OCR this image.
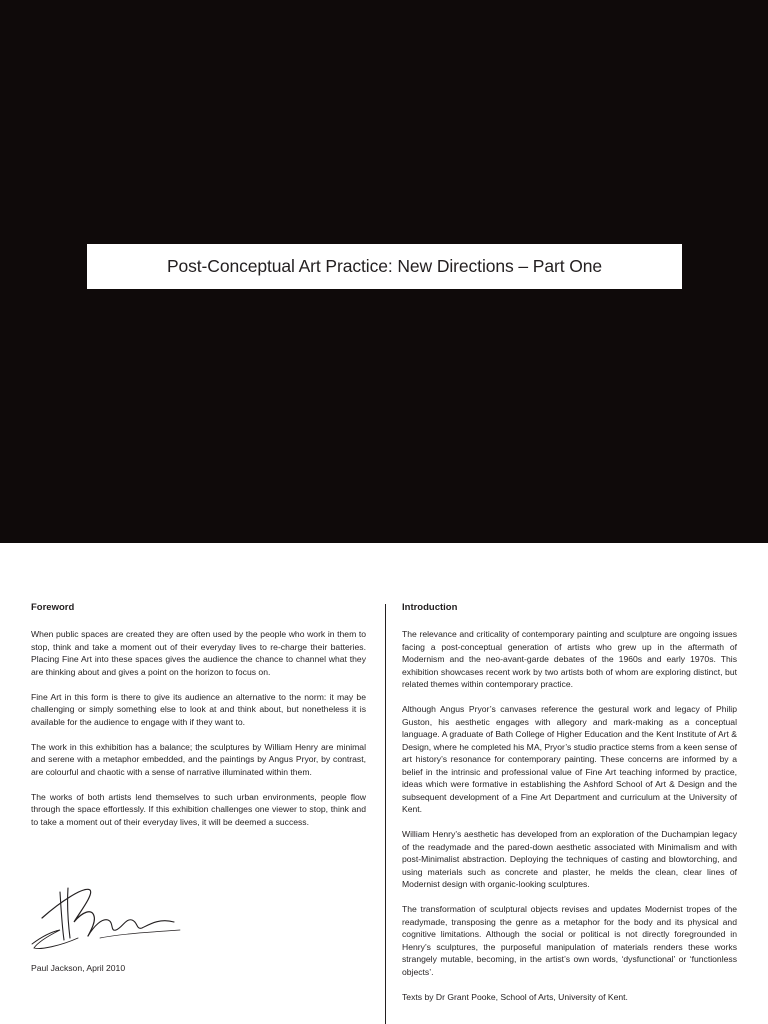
Post-Conceptual Art Practice: New Directions – Part One
Foreword

When public spaces are created they are often used by the people who work in them to stop, think and take a moment out of their everyday lives to re-charge their batteries. Placing Fine Art into these spaces gives the audience the chance to channel what they are thinking about and gives a point on the horizon to focus on.

Fine Art in this form is there to give its audience an alternative to the norm: it may be challenging or simply something else to look at and think about, but nonetheless it is available for the audience to engage with if they want to.

The work in this exhibition has a balance; the sculptures by William Henry are minimal and serene with a metaphor embedded, and the paintings by Angus Pryor, by contrast, are colourful and chaotic with a sense of narrative illuminated within them.

The works of both artists lend themselves to such urban environments, people flow through the space effortlessly. If this exhibition challenges one viewer to stop, think and to take a moment out of their everyday lives, it will be deemed a success.

Paul Jackson, April 2010
Introduction

The relevance and criticality of contemporary painting and sculpture are ongoing issues facing a post-conceptual generation of artists who grew up in the aftermath of Modernism and the neo-avant-garde debates of the 1960s and early 1970s. This exhibition showcases recent work by two artists both of whom are exploring distinct, but related themes within contemporary practice.

Although Angus Pryor’s canvases reference the gestural work and legacy of Philip Guston, his aesthetic engages with allegory and mark-making as a conceptual language. A graduate of Bath College of Higher Education and the Kent Institute of Art & Design, where he completed his MA, Pryor’s studio practice stems from a keen sense of art history’s resonance for contemporary painting. These concerns are informed by a belief in the intrinsic and professional value of Fine Art teaching informed by practice, ideas which were formative in establishing the Ashford School of Art & Design and the subsequent development of a Fine Art Department and curriculum at the University of Kent.

William Henry’s aesthetic has developed from an exploration of the Duchampian legacy of the readymade and the pared-down aesthetic associated with Minimalism and with post-Minimalist abstraction. Deploying the techniques of casting and blowtorching, and using materials such as concrete and plaster, he melds the clean, clear lines of Modernist design with organic-looking sculptures.

The transformation of sculptural objects revises and updates Modernist tropes of the readymade, transposing the genre as a metaphor for the body and its physical and cognitive limitations. Although the social or political is not directly foregrounded in Henry’s sculptures, the purposeful manipulation of materials renders these works strangely mutable, becoming, in the artist’s own words, ‘dysfunctional’ or ‘functionless objects’.

Texts by Dr Grant Pooke, School of Arts, University of Kent.
